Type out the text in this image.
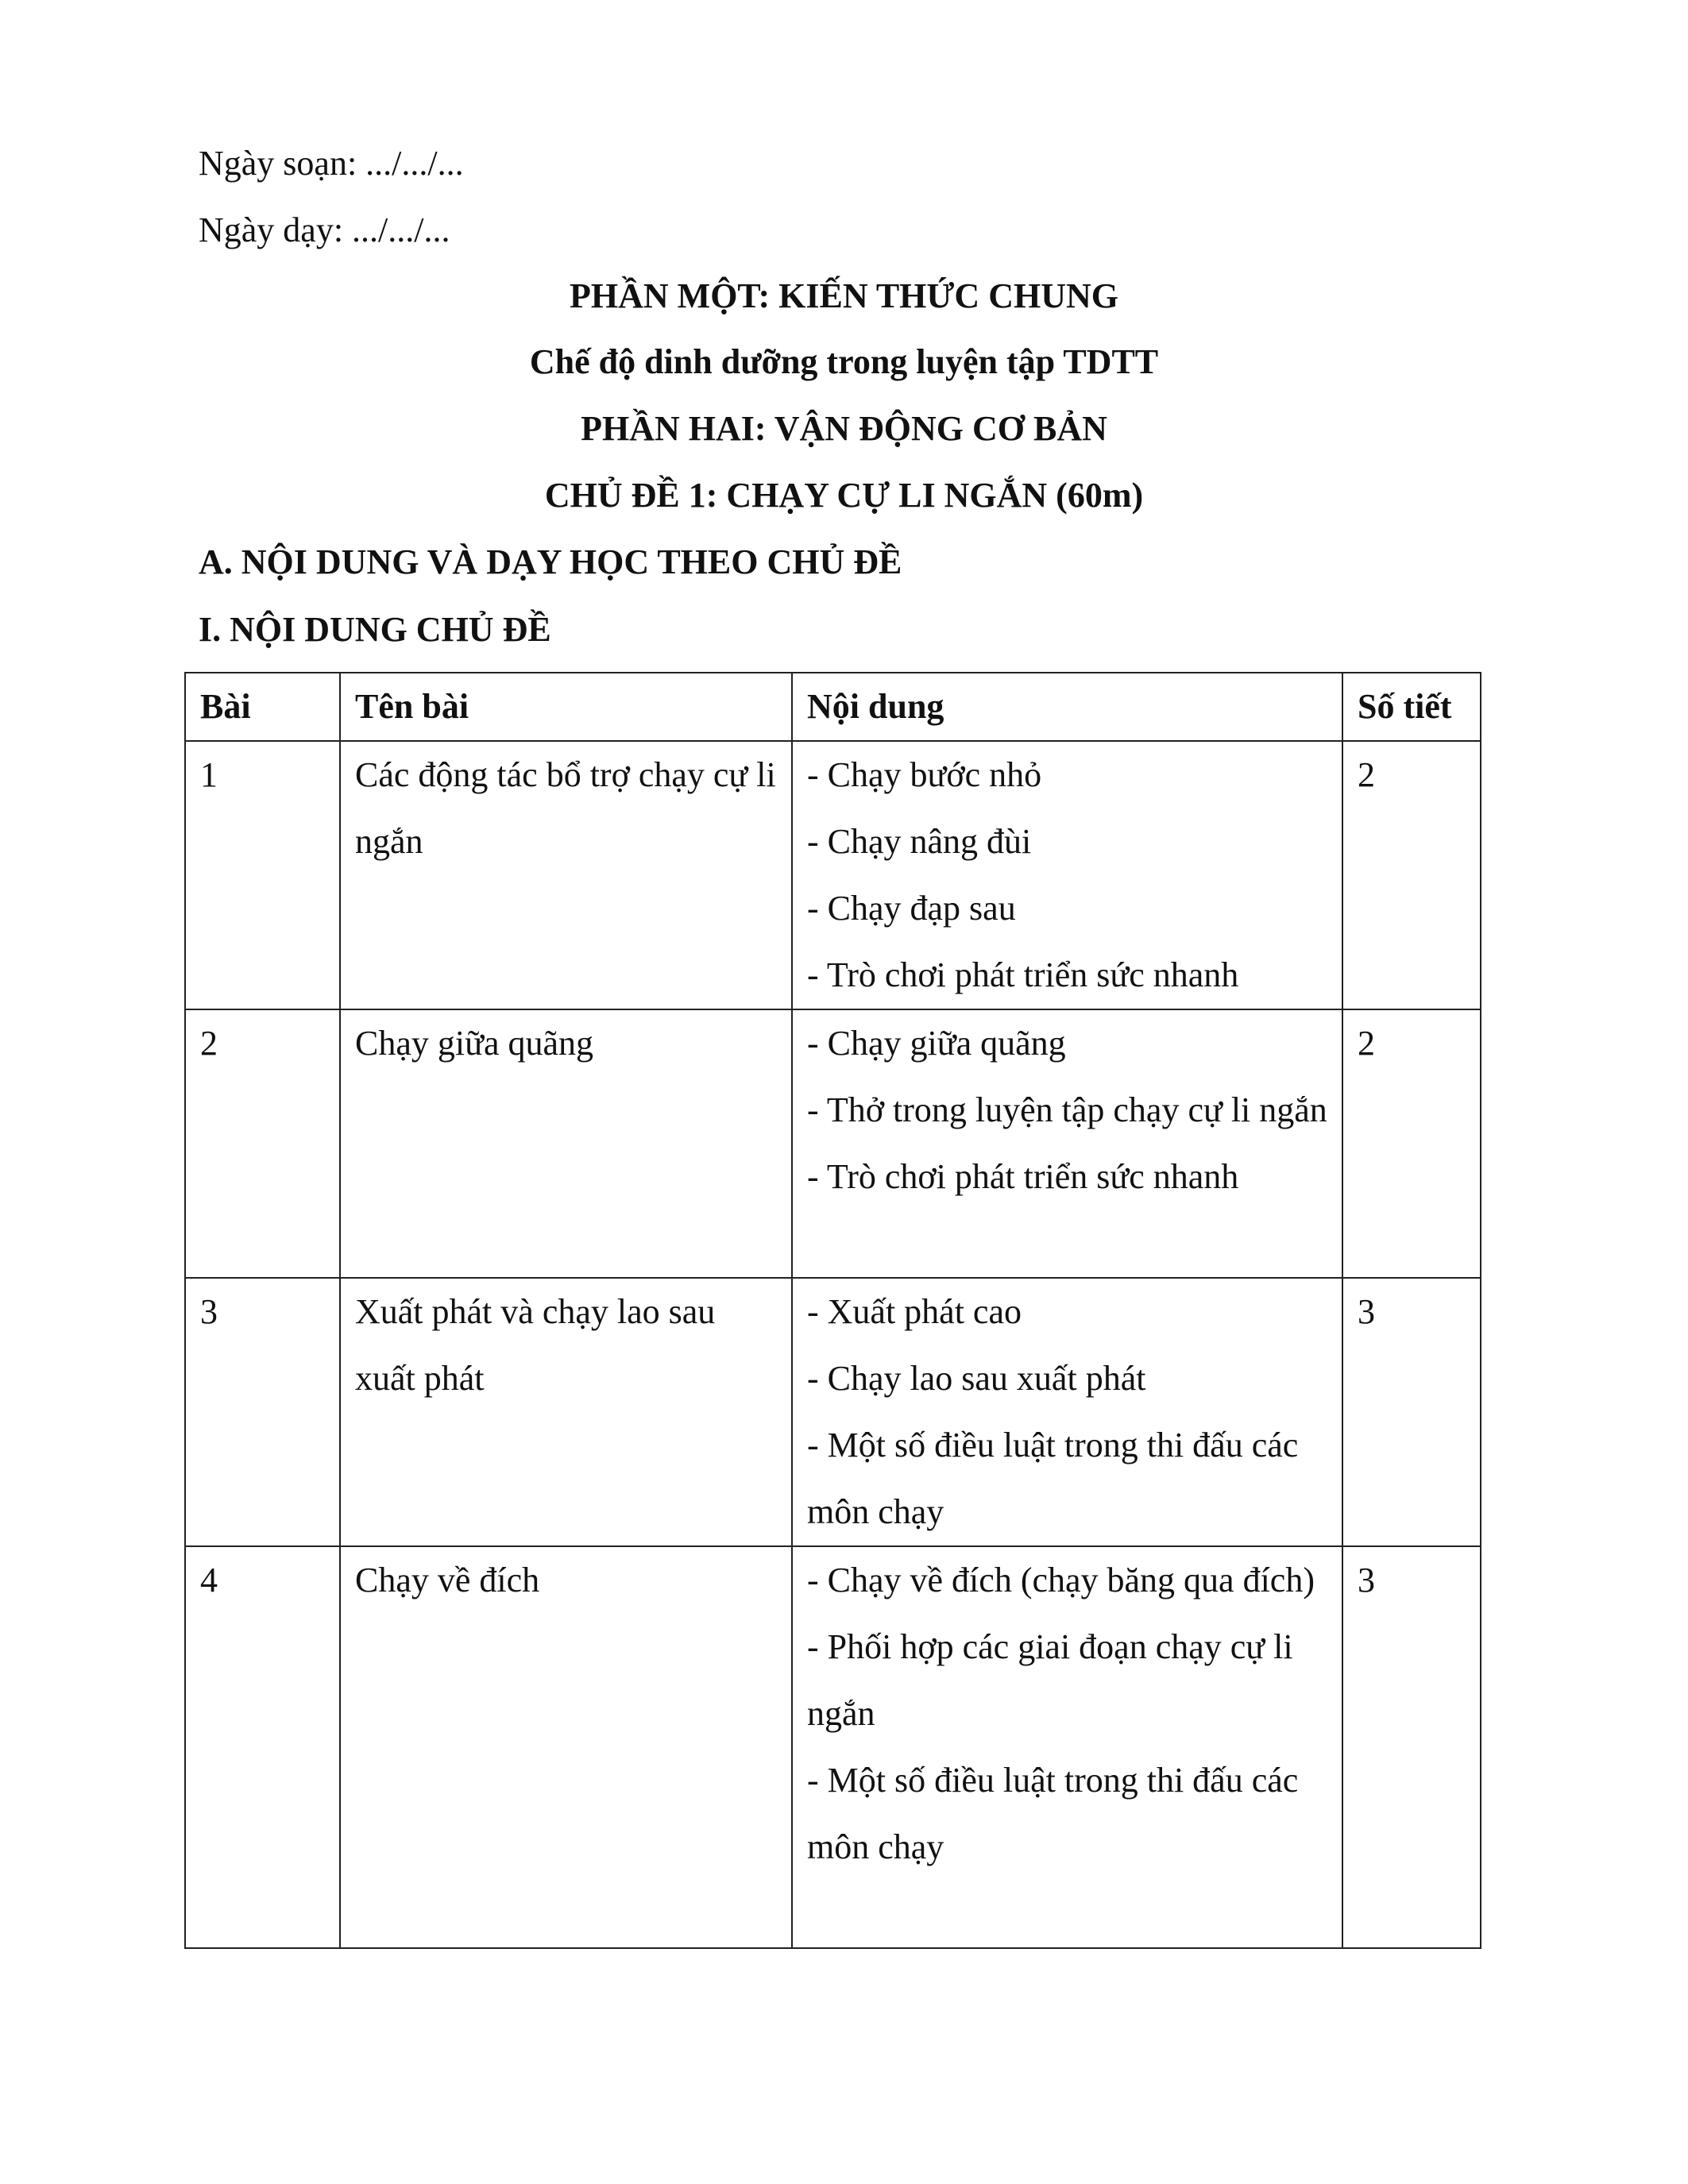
Ngày soạn: .../.../...
Ngày dạy: .../.../...
PHẦN MỘT: KIẾN THỨC CHUNG
Chế độ dinh dưỡng trong luyện tập TDTT
PHẦN HAI: VẬN ĐỘNG CƠ BẢN
CHỦ ĐỀ 1: CHẠY CỰ LI NGẮN (60m)
A. NỘI DUNG VÀ DẠY HỌC THEO CHỦ ĐỀ
I. NỘI DUNG CHỦ ĐỀ
Bài	Tên bài	Nội dung	Số tiết
1	Các động tác bổ trợ chạy cự li ngắn	- Chạy bước nhỏ
- Chạy nâng đùi
- Chạy đạp sau
- Trò chơi phát triển sức nhanh	2
2	Chạy giữa quãng	- Chạy giữa quãng
- Thở trong luyện tập chạy cự li ngắn
- Trò chơi phát triển sức nhanh	2
3	Xuất phát và chạy lao sau xuất phát	- Xuất phát cao
- Chạy lao sau xuất phát
- Một số điều luật trong thi đấu các môn chạy	3
4	Chạy về đích	- Chạy về đích (chạy băng qua đích)
- Phối hợp các giai đoạn chạy cự li ngắn
- Một số điều luật trong thi đấu các môn chạy	3
